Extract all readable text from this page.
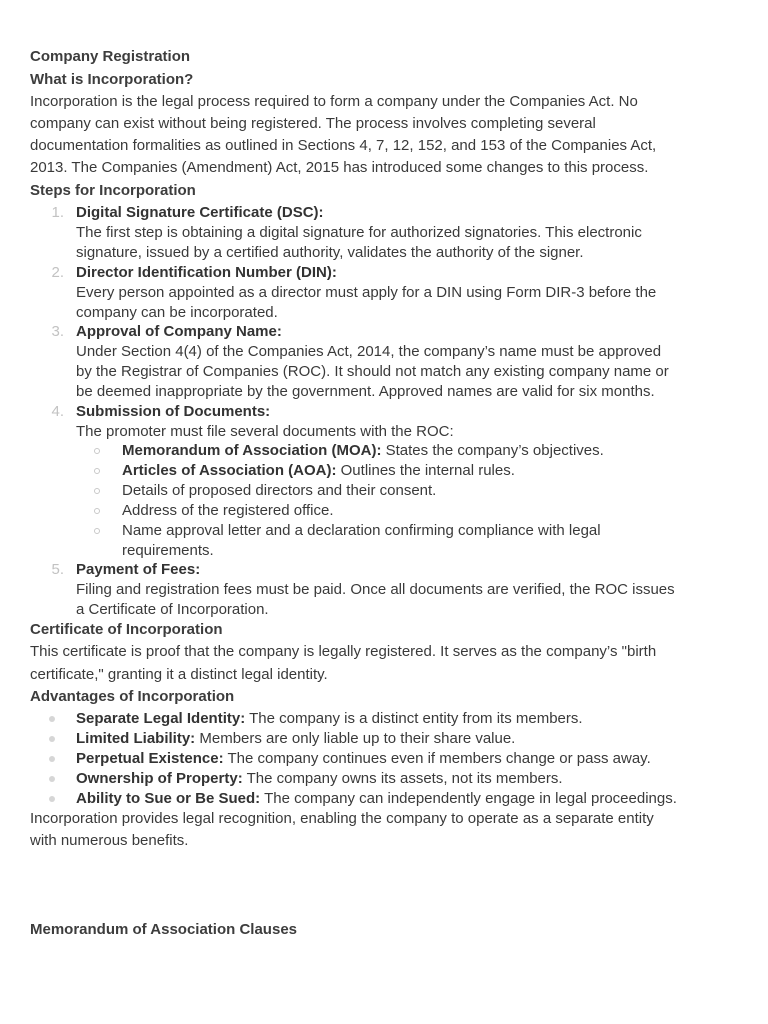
Company Registration
What is Incorporation?
Incorporation is the legal process required to form a company under the Companies Act. No
company can exist without being registered. The process involves completing several
documentation formalities as outlined in Sections 4, 7, 12, 152, and 153 of the Companies Act,
2013. The Companies (Amendment) Act, 2015 has introduced some changes to this process.
Steps for Incorporation
1. Digital Signature Certificate (DSC):
The first step is obtaining a digital signature for authorized signatories. This electronic
signature, issued by a certified authority, validates the authority of the signer.
2. Director Identification Number (DIN):
Every person appointed as a director must apply for a DIN using Form DIR-3 before the
company can be incorporated.
3. Approval of Company Name:
Under Section 4(4) of the Companies Act, 2014, the company’s name must be approved
by the Registrar of Companies (ROC). It should not match any existing company name or
be deemed inappropriate by the government. Approved names are valid for six months.
4. Submission of Documents:
The promoter must file several documents with the ROC:
Memorandum of Association (MOA): States the company’s objectives.
Articles of Association (AOA): Outlines the internal rules.
Details of proposed directors and their consent.
Address of the registered office.
Name approval letter and a declaration confirming compliance with legal
requirements.
5. Payment of Fees:
Filing and registration fees must be paid. Once all documents are verified, the ROC issues
a Certificate of Incorporation.
Certificate of Incorporation
This certificate is proof that the company is legally registered. It serves as the company’s "birth
certificate," granting it a distinct legal identity.
Advantages of Incorporation
Separate Legal Identity: The company is a distinct entity from its members.
Limited Liability: Members are only liable up to their share value.
Perpetual Existence: The company continues even if members change or pass away.
Ownership of Property: The company owns its assets, not its members.
Ability to Sue or Be Sued: The company can independently engage in legal proceedings.
Incorporation provides legal recognition, enabling the company to operate as a separate entity
with numerous benefits.
Memorandum of Association Clauses
